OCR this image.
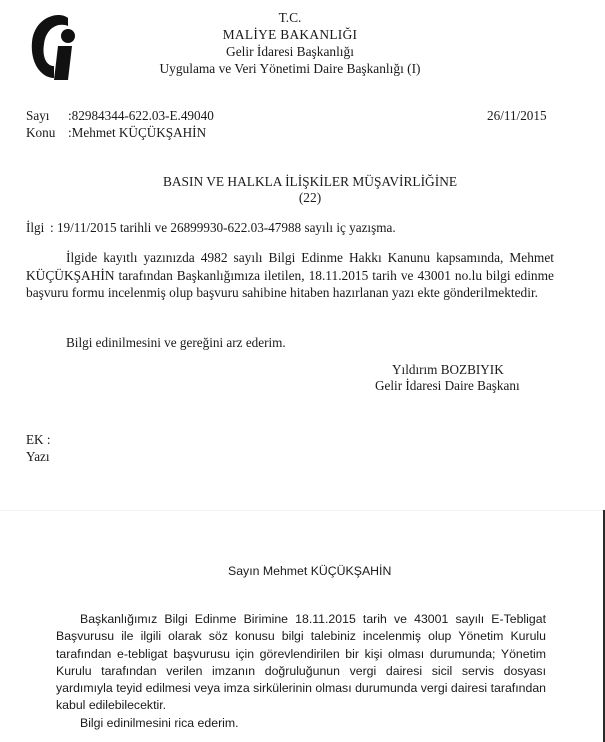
T.C.
MALİYE BAKANLIĞI
Gelir İdaresi Başkanlığı
Uygulama ve Veri Yönetimi Daire Başkanlığı (I)
Sayı :82984344-622.03-E.49040	26/11/2015
Konu :Mehmet KÜÇÜKŞAHİN
BASIN VE HALKLA İLİŞKİLER MÜŞAVİRLİĞİNE
(22)
İlgi : 19/11/2015 tarihli ve 26899930-622.03-47988 sayılı iç yazışma.
İlgide kayıtlı yazınızda 4982 sayılı Bilgi Edinme Hakkı Kanunu kapsamında, Mehmet KÜÇÜKŞAHİN tarafından Başkanlığımıza iletilen, 18.11.2015 tarih ve 43001 no.lu bilgi edinme başvuru formu incelenmiş olup başvuru sahibine hitaben hazırlanan yazı ekte gönderilmektedir.
Bilgi edinilmesini ve gereğini arz ederim.
Yıldırım BOZBIYIK
Gelir İdaresi Daire Başkanı
EK :
Yazı
Sayın Mehmet KÜÇÜKŞAHİN
Başkanlığımız Bilgi Edinme Birimine 18.11.2015 tarih ve 43001 sayılı E-Tebligat Başvurusu ile ilgili olarak söz konusu bilgi talebiniz incelenmiş olup Yönetim Kurulu tarafından e-tebligat başvurusu için görevlendirilen bir kişi olması durumunda; Yönetim Kurulu tarafından verilen imzanın doğruluğunun vergi dairesi sicil servis dosyası yardımıyla teyid edilmesi veya imza sirkülerinin olması durumunda vergi dairesi tarafından kabul edilebilecektir.
Bilgi edinilmesini rica ederim.
